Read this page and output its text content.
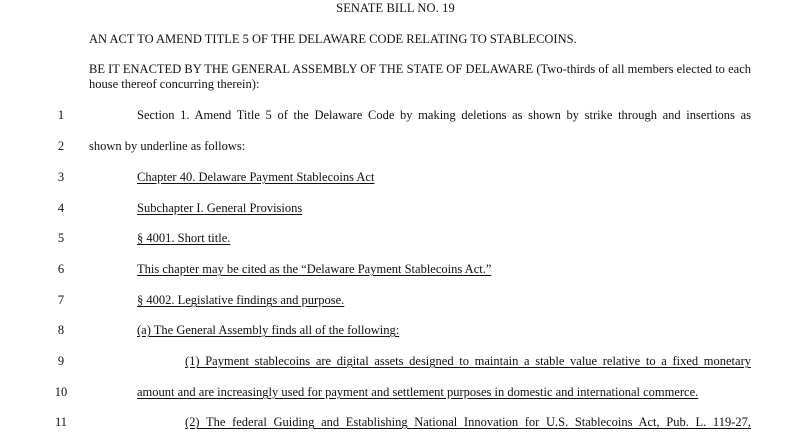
SENATE BILL NO. 19
AN ACT TO AMEND TITLE 5 OF THE DELAWARE CODE RELATING TO STABLECOINS.
BE IT ENACTED BY THE GENERAL ASSEMBLY OF THE STATE OF DELAWARE (Two-thirds of all members elected to each house thereof concurring therein):
1	Section 1. Amend Title 5 of the Delaware Code by making deletions as shown by strike through and insertions as
2	shown by underline as follows:
3	Chapter 40. Delaware Payment Stablecoins Act
4	Subchapter I. General Provisions
5	§ 4001. Short title.
6	This chapter may be cited as the “Delaware Payment Stablecoins Act.”
7	§ 4002. Legislative findings and purpose.
8	(a) The General Assembly finds all of the following:
9	(1) Payment stablecoins are digital assets designed to maintain a stable value relative to a fixed monetary
10	amount and are increasingly used for payment and settlement purposes in domestic and international commerce.
11	(2) The federal Guiding and Establishing National Innovation for U.S. Stablecoins Act, Pub. L. 119-27,
